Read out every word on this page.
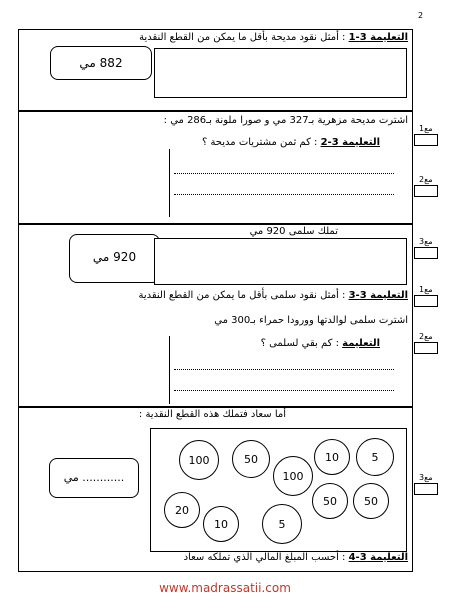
2
التعليمة 3-1 : أمثل نقود مديحة بأقل ما يمكن من القطع النقدية
882 مي
اشترت مديحة مزهرية بـ327 مي و صورا ملونة بـ286 مي :
التعليمة 3-2 : كم ثمن مشتريات مديحة ؟
مع1
مع2
تملك سلمى 920 مي
920 مي
التعليمة 3-3 : أمثل نقود سلمى بأقل ما يمكن من القطع النقدية
اشترت سلمى لوالدتها وورودا حمراء بـ300 مي
التعليمة : كم بقي لسلمى ؟
مع3
مع1
مع2
أما سعاد فتملك هذه القطع النقدية :
............ مي
100	50	10	5
100
50	50
20
10	5
التعليمة 3-4 : أحسب المبلغ المالي الذي تملكه سعاد
مع3
www.madrassatii.com
